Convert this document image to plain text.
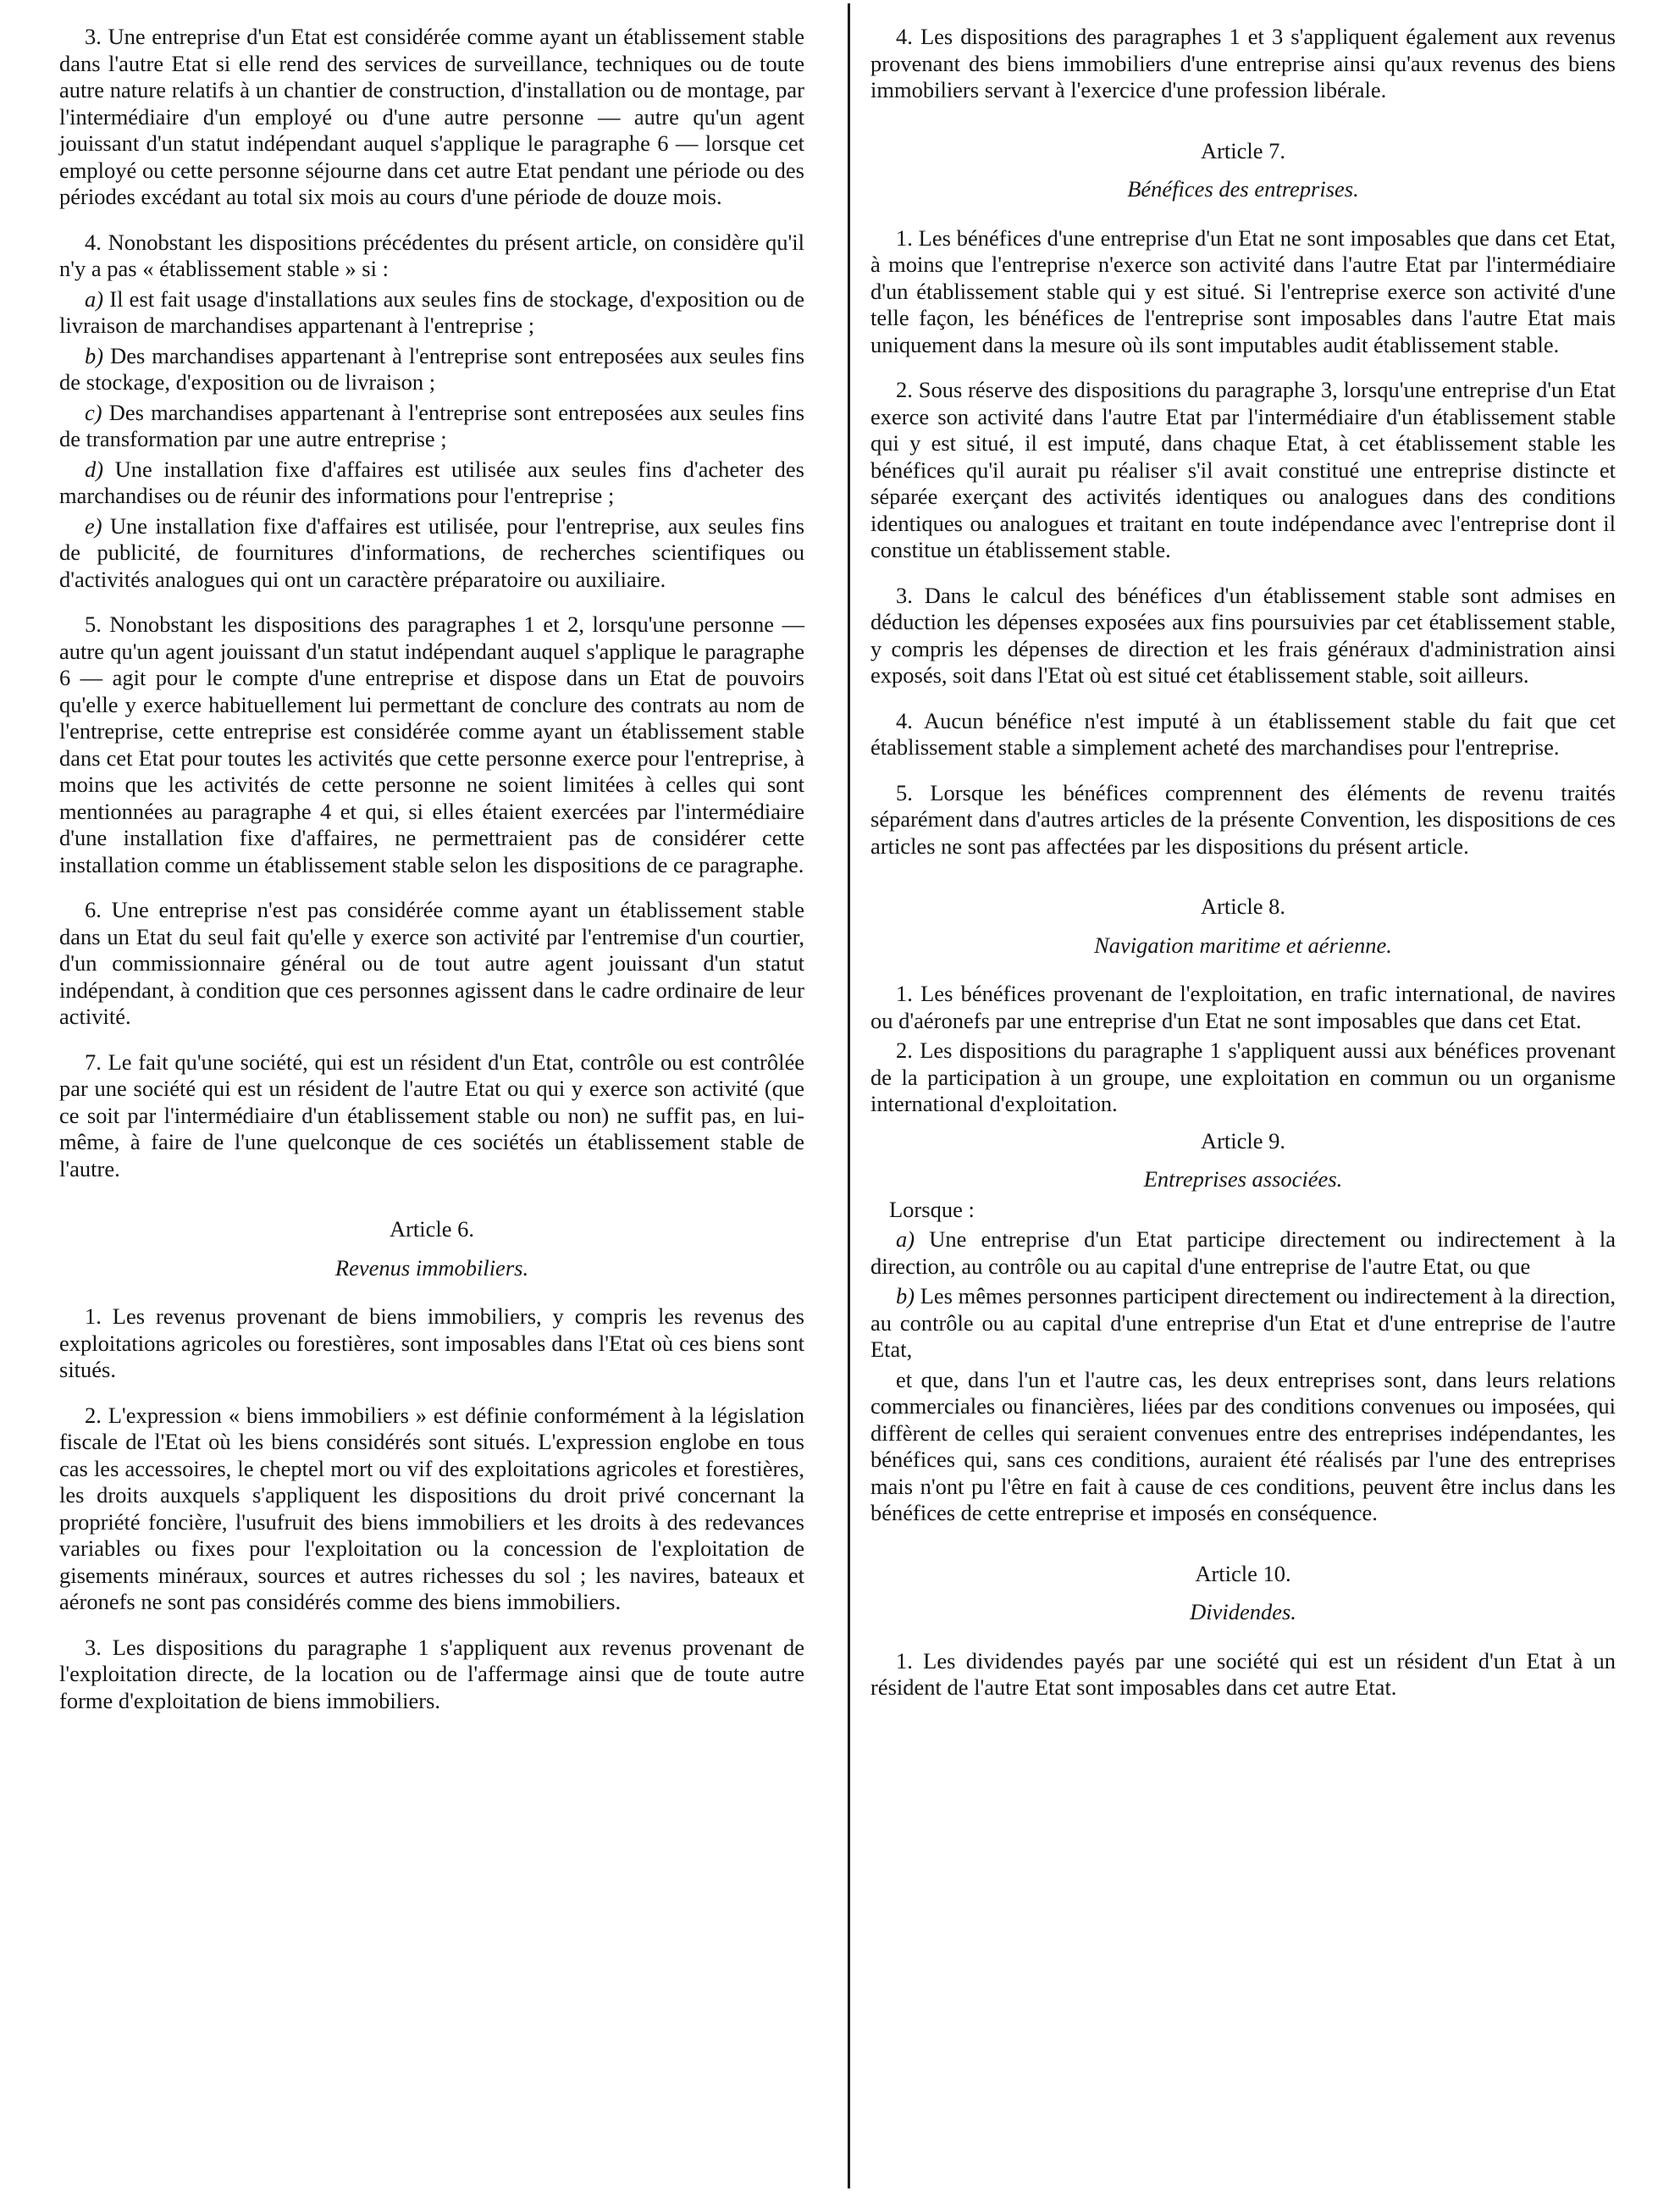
3. Une entreprise d'un Etat est considérée comme ayant un établissement stable dans l'autre Etat si elle rend des services de surveillance, techniques ou de toute autre nature relatifs à un chantier de construction, d'installation ou de montage, par l'intermédiaire d'un employé ou d'une autre personne — autre qu'un agent jouissant d'un statut indépendant auquel s'applique le paragraphe 6 — lorsque cet employé ou cette personne séjourne dans cet autre Etat pendant une période ou des périodes excédant au total six mois au cours d'une période de douze mois.

4. Nonobstant les dispositions précédentes du présent article, on considère qu'il n'y a pas « établissement stable » si :

a) Il est fait usage d'installations aux seules fins de stockage, d'exposition ou de livraison de marchandises appartenant à l'entreprise ;

b) Des marchandises appartenant à l'entreprise sont entreposées aux seules fins de stockage, d'exposition ou de livraison ;

c) Des marchandises appartenant à l'entreprise sont entreposées aux seules fins de transformation par une autre entreprise ;

d) Une installation fixe d'affaires est utilisée aux seules fins d'acheter des marchandises ou de réunir des informations pour l'entreprise ;

e) Une installation fixe d'affaires est utilisée, pour l'entreprise, aux seules fins de publicité, de fournitures d'informations, de recherches scientifiques ou d'activités analogues qui ont un caractère préparatoire ou auxiliaire.

5. Nonobstant les dispositions des paragraphes 1 et 2, lorsqu'une personne — autre qu'un agent jouissant d'un statut indépendant auquel s'applique le paragraphe 6 — agit pour le compte d'une entreprise et dispose dans un Etat de pouvoirs qu'elle y exerce habituellement lui permettant de conclure des contrats au nom de l'entreprise, cette entreprise est considérée comme ayant un établissement stable dans cet Etat pour toutes les activités que cette personne exerce pour l'entreprise, à moins que les activités de cette personne ne soient limitées à celles qui sont mentionnées au paragraphe 4 et qui, si elles étaient exercées par l'intermédiaire d'une installation fixe d'affaires, ne permettraient pas de considérer cette installation comme un établissement stable selon les dispositions de ce paragraphe.

6. Une entreprise n'est pas considérée comme ayant un établissement stable dans un Etat du seul fait qu'elle y exerce son activité par l'entremise d'un courtier, d'un commissionnaire général ou de tout autre agent jouissant d'un statut indépendant, à condition que ces personnes agissent dans le cadre ordinaire de leur activité.

7. Le fait qu'une société, qui est un résident d'un Etat, contrôle ou est contrôlée par une société qui est un résident de l'autre Etat ou qui y exerce son activité (que ce soit par l'intermédiaire d'un établissement stable ou non) ne suffit pas, en lui-même, à faire de l'une quelconque de ces sociétés un établissement stable de l'autre.

Article 6.
Revenus immobiliers.

1. Les revenus provenant de biens immobiliers, y compris les revenus des exploitations agricoles ou forestières, sont imposables dans l'Etat où ces biens sont situés.

2. L'expression « biens immobiliers » est définie conformément à la législation fiscale de l'Etat où les biens considérés sont situés. L'expression englobe en tous cas les accessoires, le cheptel mort ou vif des exploitations agricoles et forestières, les droits auxquels s'appliquent les dispositions du droit privé concernant la propriété foncière, l'usufruit des biens immobiliers et les droits à des redevances variables ou fixes pour l'exploitation ou la concession de l'exploitation de gisements minéraux, sources et autres richesses du sol ; les navires, bateaux et aéronefs ne sont pas considérés comme des biens immobiliers.

3. Les dispositions du paragraphe 1 s'appliquent aux revenus provenant de l'exploitation directe, de la location ou de l'affermage ainsi que de toute autre forme d'exploitation de biens immobiliers.

4. Les dispositions des paragraphes 1 et 3 s'appliquent également aux revenus provenant des biens immobiliers d'une entreprise ainsi qu'aux revenus des biens immobiliers servant à l'exercice d'une profession libérale.

Article 7.
Bénéfices des entreprises.

1. Les bénéfices d'une entreprise d'un Etat ne sont imposables que dans cet Etat, à moins que l'entreprise n'exerce son activité dans l'autre Etat par l'intermédiaire d'un établissement stable qui y est situé. Si l'entreprise exerce son activité d'une telle façon, les bénéfices de l'entreprise sont imposables dans l'autre Etat mais uniquement dans la mesure où ils sont imputables audit établissement stable.

2. Sous réserve des dispositions du paragraphe 3, lorsqu'une entreprise d'un Etat exerce son activité dans l'autre Etat par l'intermédiaire d'un établissement stable qui y est situé, il est imputé, dans chaque Etat, à cet établissement stable les bénéfices qu'il aurait pu réaliser s'il avait constitué une entreprise distincte et séparée exerçant des activités identiques ou analogues dans des conditions identiques ou analogues et traitant en toute indépendance avec l'entreprise dont il constitue un établissement stable.

3. Dans le calcul des bénéfices d'un établissement stable sont admises en déduction les dépenses exposées aux fins poursuivies par cet établissement stable, y compris les dépenses de direction et les frais généraux d'administration ainsi exposés, soit dans l'Etat où est situé cet établissement stable, soit ailleurs.

4. Aucun bénéfice n'est imputé à un établissement stable du fait que cet établissement stable a simplement acheté des marchandises pour l'entreprise.

5. Lorsque les bénéfices comprennent des éléments de revenu traités séparément dans d'autres articles de la présente Convention, les dispositions de ces articles ne sont pas affectées par les dispositions du présent article.

Article 8.
Navigation maritime et aérienne.

1. Les bénéfices provenant de l'exploitation, en trafic international, de navires ou d'aéronefs par une entreprise d'un Etat ne sont imposables que dans cet Etat.

2. Les dispositions du paragraphe 1 s'appliquent aussi aux bénéfices provenant de la participation à un groupe, une exploitation en commun ou un organisme international d'exploitation.

Article 9.
Entreprises associées.

Lorsque :

a) Une entreprise d'un Etat participe directement ou indirectement à la direction, au contrôle ou au capital d'une entreprise de l'autre Etat, ou que

b) Les mêmes personnes participent directement ou indirectement à la direction, au contrôle ou au capital d'une entreprise d'un Etat et d'une entreprise de l'autre Etat,

et que, dans l'un et l'autre cas, les deux entreprises sont, dans leurs relations commerciales ou financières, liées par des conditions convenues ou imposées, qui diffèrent de celles qui seraient convenues entre des entreprises indépendantes, les bénéfices qui, sans ces conditions, auraient été réalisés par l'une des entreprises mais n'ont pu l'être en fait à cause de ces conditions, peuvent être inclus dans les bénéfices de cette entreprise et imposés en conséquence.

Article 10.
Dividendes.

1. Les dividendes payés par une société qui est un résident d'un Etat à un résident de l'autre Etat sont imposables dans cet autre Etat.
